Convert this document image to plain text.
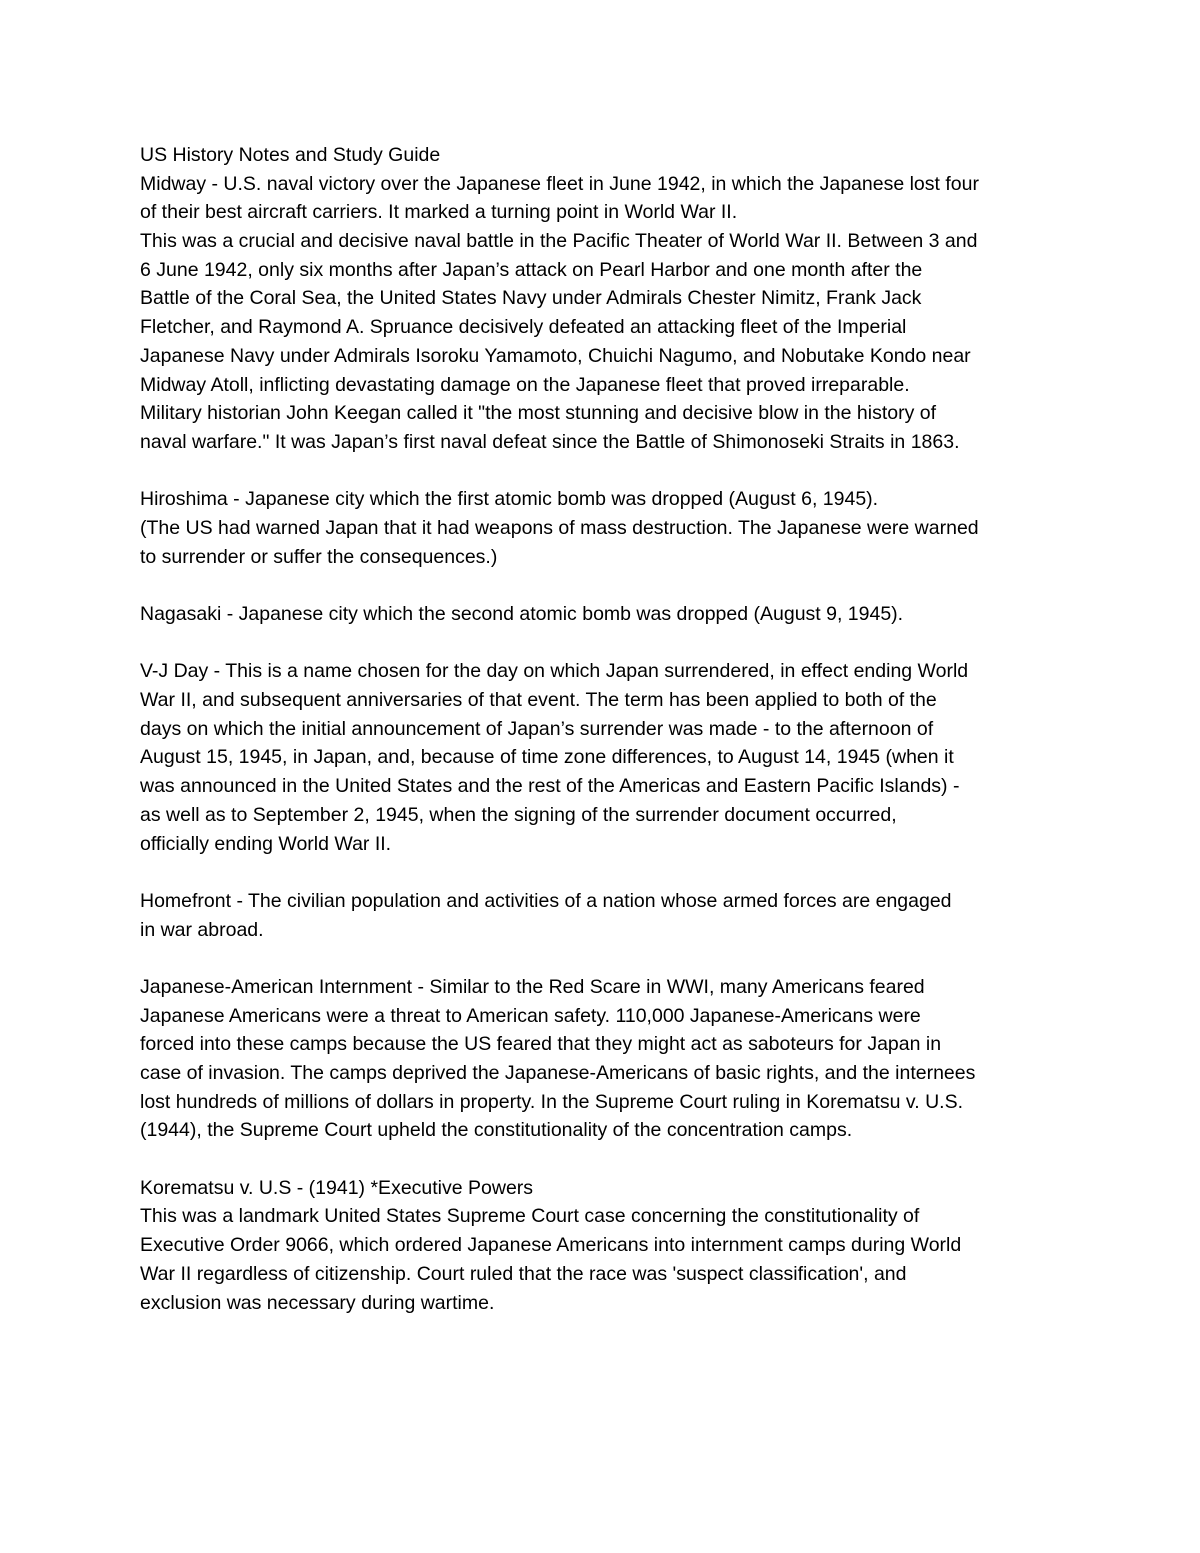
US History Notes and Study Guide
Midway - U.S. naval victory over the Japanese fleet in June 1942, in which the Japanese lost four
of their best aircraft carriers. It marked a turning point in World War II.
This was a crucial and decisive naval battle in the Pacific Theater of World War II. Between 3 and
6 June 1942, only six months after Japan’s attack on Pearl Harbor and one month after the
Battle of the Coral Sea, the United States Navy under Admirals Chester Nimitz, Frank Jack
Fletcher, and Raymond A. Spruance decisively defeated an attacking fleet of the Imperial
Japanese Navy under Admirals Isoroku Yamamoto, Chuichi Nagumo, and Nobutake Kondo near
Midway Atoll, inflicting devastating damage on the Japanese fleet that proved irreparable.
Military historian John Keegan called it "the most stunning and decisive blow in the history of
naval warfare." It was Japan’s first naval defeat since the Battle of Shimonoseki Straits in 1863.
Hiroshima - Japanese city which the first atomic bomb was dropped (August 6, 1945).
(The US had warned Japan that it had weapons of mass destruction. The Japanese were warned
to surrender or suffer the consequences.)
Nagasaki - Japanese city which the second atomic bomb was dropped (August 9, 1945).
V-J Day - This is a name chosen for the day on which Japan surrendered, in effect ending World
War II, and subsequent anniversaries of that event. The term has been applied to both of the
days on which the initial announcement of Japan’s surrender was made - to the afternoon of
August 15, 1945, in Japan, and, because of time zone differences, to August 14, 1945 (when it
was announced in the United States and the rest of the Americas and Eastern Pacific Islands) -
as well as to September 2, 1945, when the signing of the surrender document occurred,
officially ending World War II.
Homefront - The civilian population and activities of a nation whose armed forces are engaged
in war abroad.
Japanese-American Internment - Similar to the Red Scare in WWI, many Americans feared
Japanese Americans were a threat to American safety. 110,000 Japanese-Americans were
forced into these camps because the US feared that they might act as saboteurs for Japan in
case of invasion. The camps deprived the Japanese-Americans of basic rights, and the internees
lost hundreds of millions of dollars in property. In the Supreme Court ruling in Korematsu v. U.S.
(1944), the Supreme Court upheld the constitutionality of the concentration camps.
Korematsu v. U.S - (1941) *Executive Powers
This was a landmark United States Supreme Court case concerning the constitutionality of
Executive Order 9066, which ordered Japanese Americans into internment camps during World
War II regardless of citizenship. Court ruled that the race was 'suspect classification', and
exclusion was necessary during wartime.
